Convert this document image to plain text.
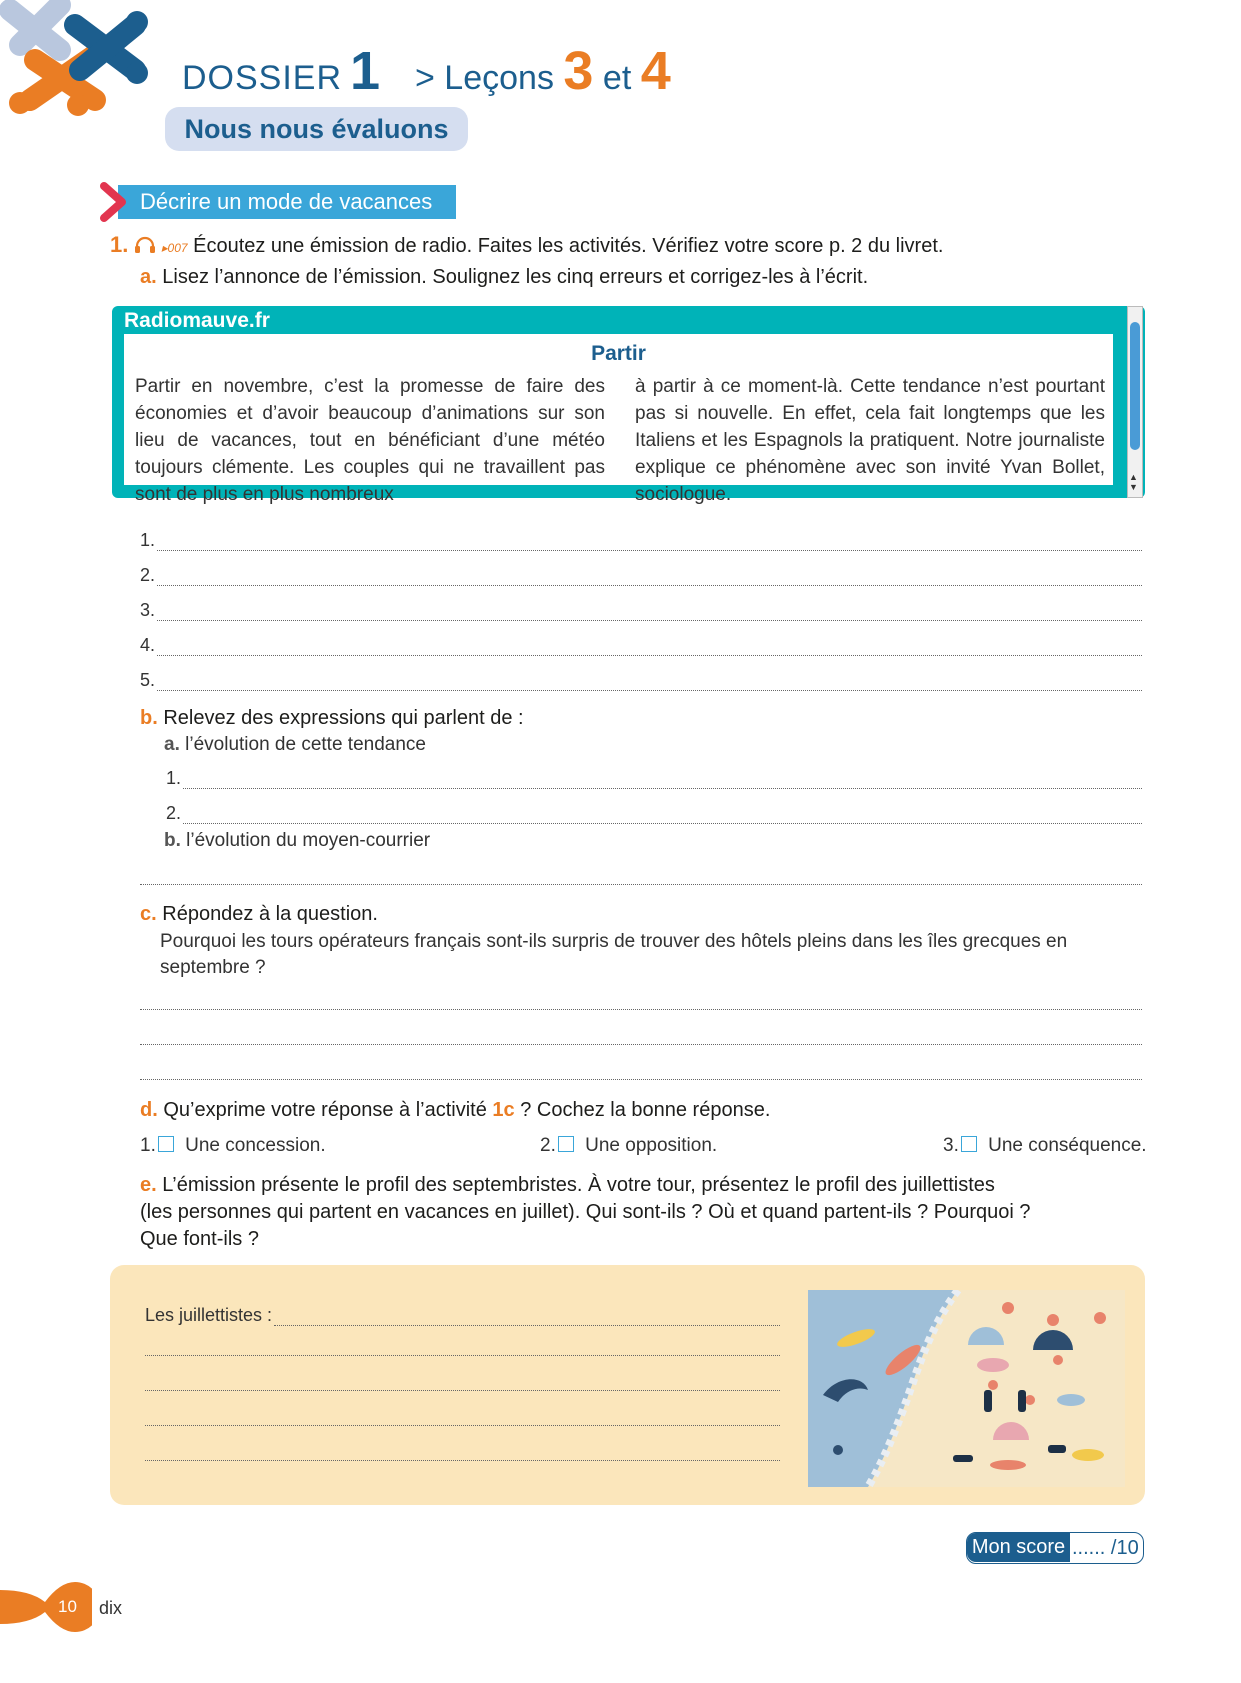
DOSSIER 1 > Leçons 3 et 4
Nous nous évaluons
Décrire un mode de vacances
1.	▸007 Écoutez une émission de radio. Faites les activités. Vérifiez votre score p. 2 du livret.
a. Lisez l’annonce de l’émission. Soulignez les cinq erreurs et corrigez-les à l’écrit.
Radiomauve.fr
▲
▼
Partir
Partir en novembre, c’est la promesse de faire des économies et d’avoir beaucoup d’animations sur son lieu de vacances, tout en bénéficiant d’une météo toujours clémente. Les couples qui ne travaillent pas sont de plus en plus nombreux
à partir à ce moment-là. Cette tendance n’est pourtant pas si nouvelle. En effet, cela fait longtemps que les Italiens et les Espagnols la pratiquent. Notre journaliste explique ce phénomène avec son invité Yvan Bollet, sociologue.
1.
2.
3.
4.
5.
b. Relevez des expressions qui parlent de :
a. l’évolution de cette tendance
1.
2.
b. l’évolution du moyen-courrier
c. Répondez à la question.
Pourquoi les tours opérateurs français sont-ils surpris de trouver des hôtels pleins dans les îles grecques en septembre ?
d. Qu’exprime votre réponse à l’activité 1c ? Cochez la bonne réponse.
1. Une concession.	2. Une opposition.	3. Une conséquence.
e. L’émission présente le profil des septembristes. À votre tour, présentez le profil des juillettistes
(les personnes qui partent en vacances en juillet). Qui sont-ils ? Où et quand partent-ils ? Pourquoi ?
Que font-ils ?
Les juillettistes :
Mon score ...... /10
10 dix
